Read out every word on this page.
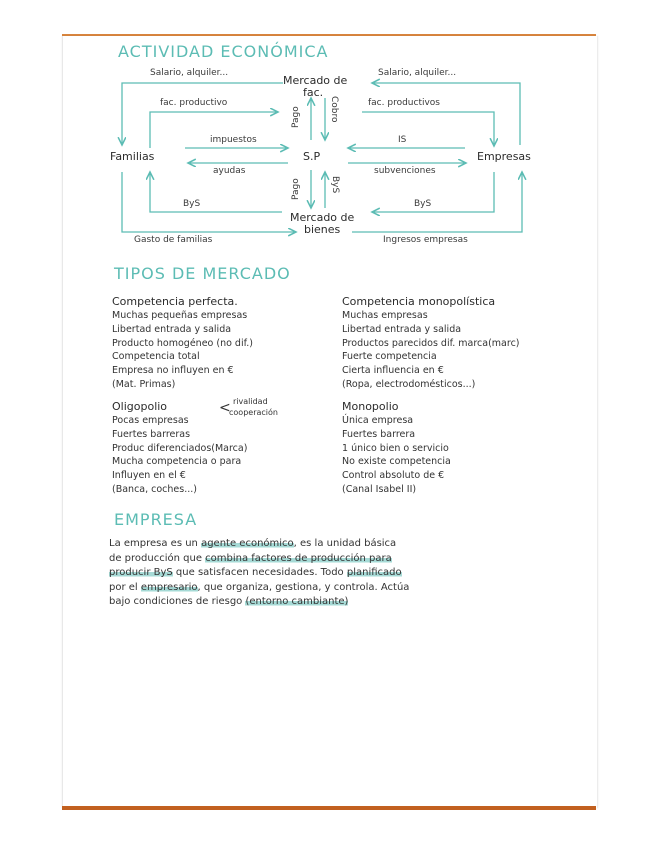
ACTIVIDAD ECONÓMICA
Mercado de
fac.
Familias	S.P	Empresas
Mercado de
bienes
Salario, alquiler...	Salario, alquiler...
fac. productivo	fac. productivos
impuestos
ayudas
IS
subvenciones
Pago	Cobro
Pago	ByS
ByS	ByS
Gasto de familias	Ingresos empresas
TIPOS DE MERCADO
Competencia perfecta.
Muchas pequeñas empresas
Libertad entrada y salida
Producto homogéneo (no dif.)
Competencia total
Empresa no influyen en €
(Mat. Primas)
Competencia monopolística
Muchas empresas
Libertad entrada y salida
Productos parecidos dif. marca(marc)
Fuerte competencia
Cierta influencia en €
(Ropa, electrodomésticos...)
Oligopolio
Pocas empresas
Fuertes barreras
Produc diferenciados(Marca)
Mucha competencia o para
Influyen en el €
(Banca, coches...)
< rivalidad
cooperación	Monopolio
Única empresa
Fuertes barrera
1 único bien o servicio
No existe competencia
Control absoluto de €
(Canal Isabel II)
EMPRESA
La empresa es un agente económico, es la unidad básica
de producción que combina factores de producción para
producir ByS que satisfacen necesidades. Todo planificado
por el empresario, que organiza, gestiona, y controla. Actúa
bajo condiciones de riesgo (entorno cambiante)
